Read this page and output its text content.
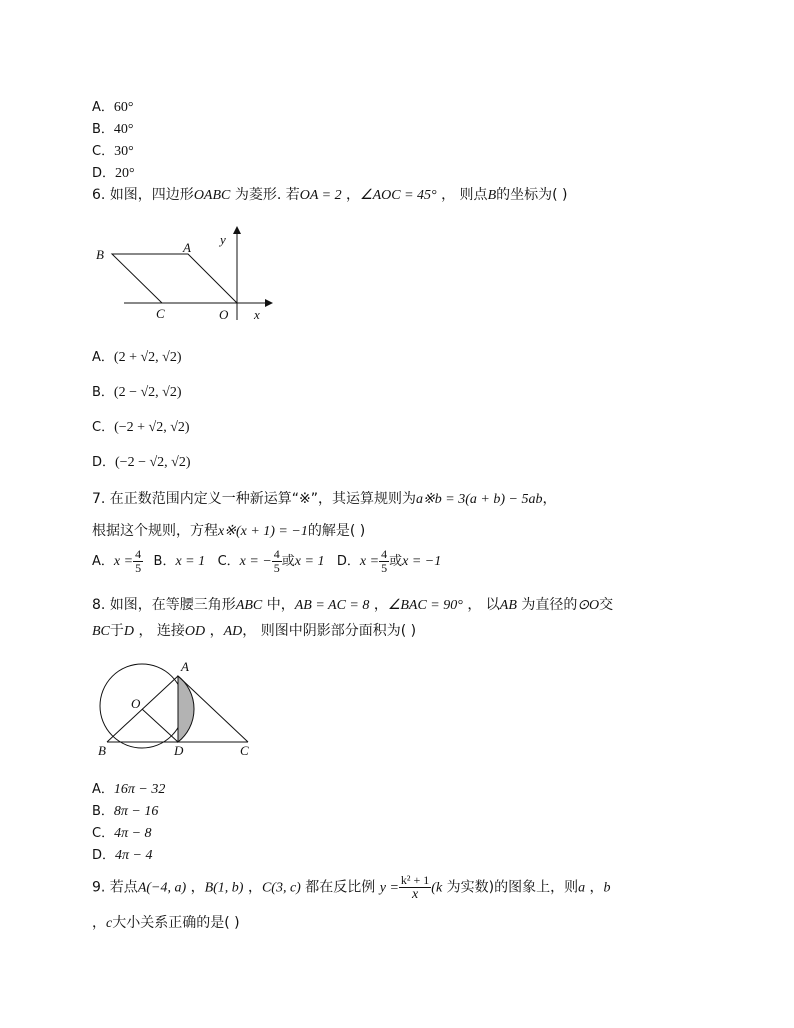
A．60°
B．40°
C．30°
D．20°
6. 如图，四边形OABC 为菱形. 若OA = 2 ，∠AOC = 45° ， 则点B的坐标为( )
B	A
y
C	O x
A．(2 + √2, √2)
B．(2 − √2, √2)
C．(−2 + √2, √2)
D．(−2 − √2, √2)
7. 在正数范围内定义一种新运算“※”，其运算规则为a※b = 3(a + b) − 5ab，
根据这个规则，方程x※(x + 1) = −1的解是( )
A．$x = \frac{4}{5}$ B．x = 1 C．x = − $\frac{4}{5}$ 或x = 1 D．$x = \frac{4}{5}$ 或x = −1
8. 如图，在等腰三角形ABC 中，AB = AC = 8 ，∠BAC = 90° ， 以AB 为直径的⊙O交
BC于D ， 连接OD ，AD， 则图中阴影部分面积为( )
A
O
B	D	C
A．16π − 32
B．8π − 16
C．4π − 8
D．4π − 4
9. 若点A(−4, a) ，B(1, b) ，C(3, c) 都在反比例 $y = \frac{\text{k² + 1}}{x} (k$ 为实数)的图象上，则a ，b
，c大小关系正确的是( )
